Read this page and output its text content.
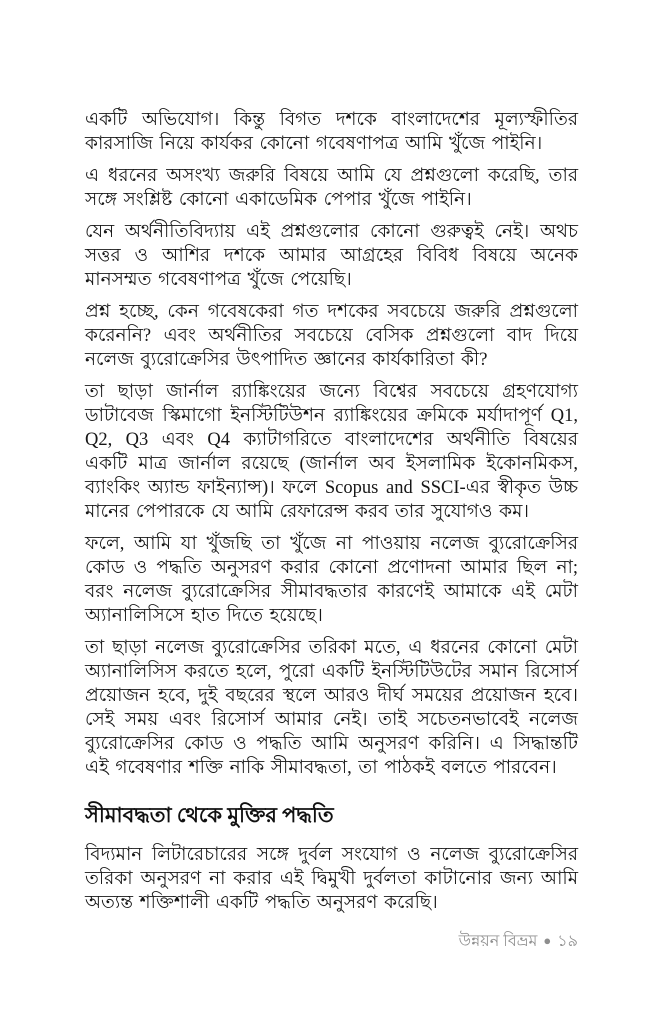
একটি অভিযোগ। কিন্তু বিগত দশকে বাংলাদেশের মূল্যস্ফীতির কারসাজি নিয়ে কার্যকর কোনো গবেষণাপত্র আমি খুঁজে পাইনি।

এ ধরনের অসংখ্য জরুরি বিষয়ে আমি যে প্রশ্নগুলো করেছি, তার সঙ্গে সংশ্লিষ্ট কোনো একাডেমিক পেপার খুঁজে পাইনি।

যেন অর্থনীতিবিদ্যায় এই প্রশ্নগুলোর কোনো গুরুত্বই নেই। অথচ সত্তর ও আশির দশকে আমার আগ্রহের বিবিধ বিষয়ে অনেক মানসম্মত গবেষণাপত্র খুঁজে পেয়েছি।

প্রশ্ন হচ্ছে, কেন গবেষকেরা গত দশকের সবচেয়ে জরুরি প্রশ্নগুলো করেননি? এবং অর্থনীতির সবচেয়ে বেসিক প্রশ্নগুলো বাদ দিয়ে নলেজ ব্যুরোক্রেসির উৎপাদিত জ্ঞানের কার্যকারিতা কী?

তা ছাড়া জার্নাল র‍্যাঙ্কিংয়ের জন্যে বিশ্বের সবচেয়ে গ্রহণযোগ্য ডাটাবেজ স্কিমাগো ইনস্টিটিউশন র‍্যাঙ্কিংয়ের ক্রমিকে মর্যাদাপূর্ণ Q1, Q2, Q3 এবং Q4 ক্যাটাগরিতে বাংলাদেশের অর্থনীতি বিষয়ের একটি মাত্র জার্নাল রয়েছে (জার্নাল অব ইসলামিক ইকোনমিকস, ব্যাংকিং অ্যান্ড ফাইন্যান্স)। ফলে Scopus and SSCI-এর স্বীকৃত উচ্চ মানের পেপারকে যে আমি রেফারেন্স করব তার সুযোগও কম।

ফলে, আমি যা খুঁজছি তা খুঁজে না পাওয়ায় নলেজ ব্যুরোক্রেসির কোড ও পদ্ধতি অনুসরণ করার কোনো প্রণোদনা আমার ছিল না; বরং নলেজ ব্যুরোক্রেসির সীমাবদ্ধতার কারণেই আমাকে এই মেটা অ্যানালিসিসে হাত দিতে হয়েছে।

তা ছাড়া নলেজ ব্যুরোক্রেসির তরিকা মতে, এ ধরনের কোনো মেটা অ্যানালিসিস করতে হলে, পুরো একটি ইনস্টিটিউটের সমান রিসোর্স প্রয়োজন হবে, দুই বছরের স্থলে আরও দীর্ঘ সময়ের প্রয়োজন হবে। সেই সময় এবং রিসোর্স আমার নেই। তাই সচেতনভাবেই নলেজ ব্যুরোক্রেসির কোড ও পদ্ধতি আমি অনুসরণ করিনি। এ সিদ্ধান্তটি এই গবেষণার শক্তি নাকি সীমাবদ্ধতা, তা পাঠকই বলতে পারবেন।

সীমাবদ্ধতা থেকে মুক্তির পদ্ধতি

বিদ্যমান লিটারেচারের সঙ্গে দুর্বল সংযোগ ও নলেজ ব্যুরোক্রেসির তরিকা অনুসরণ না করার এই দ্বিমুখী দুর্বলতা কাটানোর জন্য আমি অত্যন্ত শক্তিশালী একটি পদ্ধতি অনুসরণ করেছি।

উন্নয়ন বিভ্রম ● ১৯
